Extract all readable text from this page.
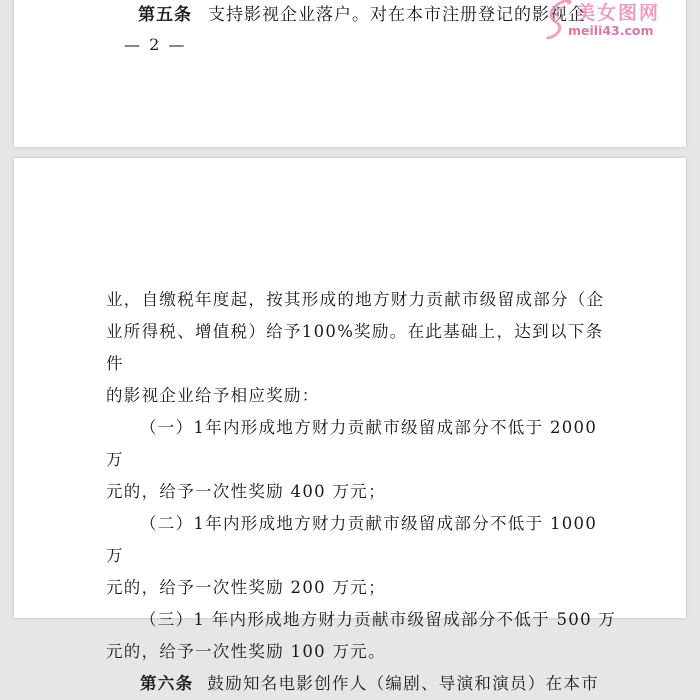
第五条 支持影视企业落户。对在本市注册登记的影视企
— 2 —
美女图网
meili43.com

业，自缴税年度起，按其形成的地方财力贡献市级留成部分（企

业所得税、增值税）给予100%奖励。在此基础上，达到以下条件

的影视企业给予相应奖励：

（一）1年内形成地方财力贡献市级留成部分不低于 2000 万

元的，给予一次性奖励 400 万元；

（二）1年内形成地方财力贡献市级留成部分不低于 1000 万

元的，给予一次性奖励 200 万元；

（三）1 年内形成地方财力贡献市级留成部分不低于 500 万

元的，给予一次性奖励 100 万元。

第六条 鼓励知名电影创作人（编剧、导演和演员）在本市
